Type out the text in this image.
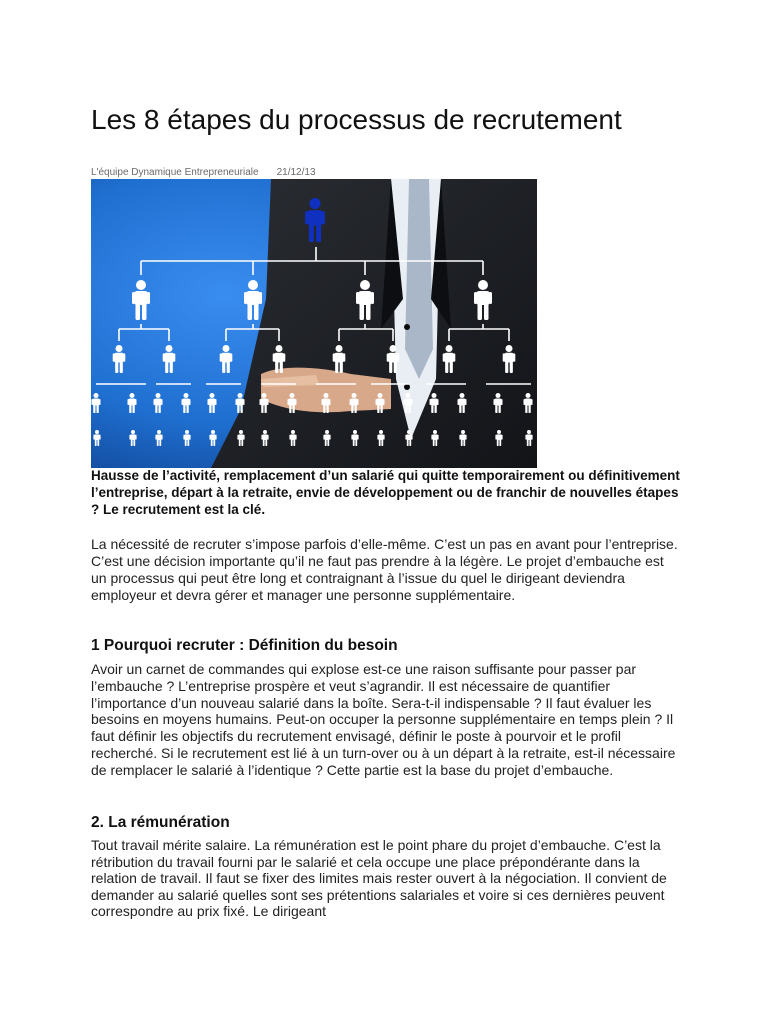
Les 8 étapes du processus de recrutement
L'équipe Dynamique Entrepreneuriale 21/12/13

Hausse de l’activité, remplacement d’un salarié qui quitte temporairement ou définitivement l’entreprise, départ à la retraite, envie de développement ou de franchir de nouvelles étapes ? Le recrutement est la clé.

La nécessité de recruter s’impose parfois d’elle-même. C’est un pas en avant pour l’entreprise. C’est une décision importante qu’il ne faut pas prendre à la légère. Le projet d’embauche est un processus qui peut être long et contraignant à l’issue du quel le dirigeant deviendra employeur et devra gérer et manager une personne supplémentaire.

1 Pourquoi recruter : Définition du besoin

Avoir un carnet de commandes qui explose est-ce une raison suffisante pour passer par l’embauche ? L’entreprise prospère et veut s’agrandir. Il est nécessaire de quantifier l’importance d’un nouveau salarié dans la boîte. Sera-t-il indispensable ? Il faut évaluer les besoins en moyens humains. Peut-on occuper la personne supplémentaire en temps plein ? Il faut définir les objectifs du recrutement envisagé, définir le poste à pourvoir et le profil recherché. Si le recrutement est lié à un turn-over ou à un départ à la retraite, est-il nécessaire de remplacer le salarié à l’identique ? Cette partie est la base du projet d’embauche.

2. La rémunération

Tout travail mérite salaire. La rémunération est le point phare du projet d’embauche. C’est la rétribution du travail fourni par le salarié et cela occupe une place prépondérante dans la relation de travail. Il faut se fixer des limites mais rester ouvert à la négociation. Il convient de demander au salarié quelles sont ses prétentions salariales et voire si ces dernières peuvent correspondre au prix fixé. Le dirigeant
